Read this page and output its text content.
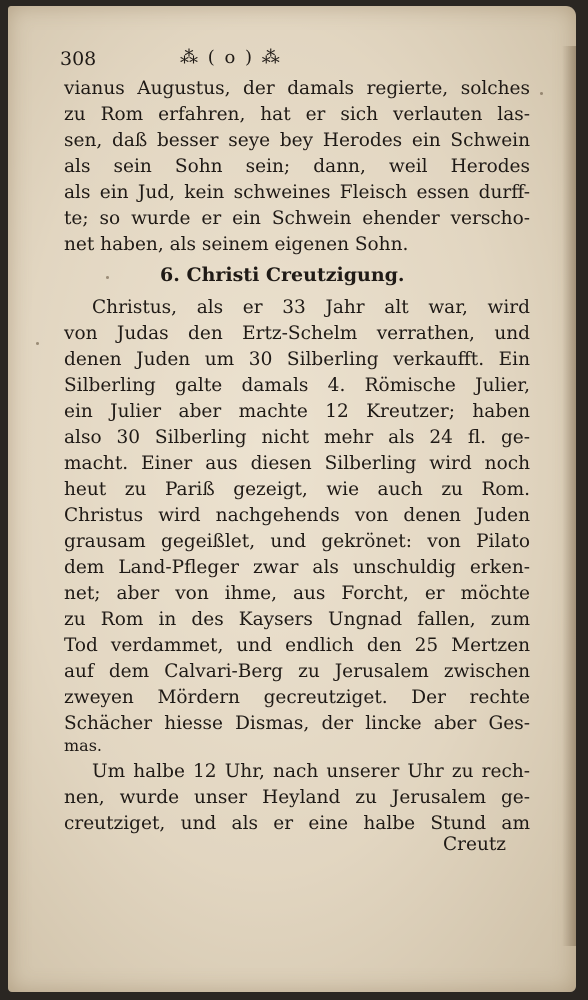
308	⁂ ( o ) ⁂
vianus Augustus, der damals regierte, solches
zu Rom erfahren, hat er sich verlauten las-
sen, daß besser seye bey Herodes ein Schwein
als sein Sohn sein; dann, weil Herodes
als ein Jud, kein schweines Fleisch essen durff-
te; so wurde er ein Schwein ehender verscho-
net haben, als seinem eigenen Sohn.
6. Christi Creutzigung.
Christus, als er 33 Jahr alt war, wird
von Judas den Ertz-Schelm verrathen, und
denen Juden um 30 Silberling verkaufft. Ein
Silberling galte damals 4. Römische Julier,
ein Julier aber machte 12 Kreutzer; haben
also 30 Silberling nicht mehr als 24 fl. ge-
macht. Einer aus diesen Silberling wird noch
heut zu Pariß gezeigt, wie auch zu Rom.
Christus wird nachgehends von denen Juden
grausam gegeißlet, und gekrönet: von Pilato
dem Land-Pfleger zwar als unschuldig erken-
net; aber von ihme, aus Forcht, er möchte
zu Rom in des Kaysers Ungnad fallen, zum
Tod verdammet, und endlich den 25 Mertzen
auf dem Calvari-Berg zu Jerusalem zwischen
zweyen Mördern gecreutziget. Der rechte
Schächer hiesse Dismas, der lincke aber Ges-
mas.
Um halbe 12 Uhr, nach unserer Uhr zu rech-
nen, wurde unser Heyland zu Jerusalem ge-
creutziget, und als er eine halbe Stund am
Creutz
